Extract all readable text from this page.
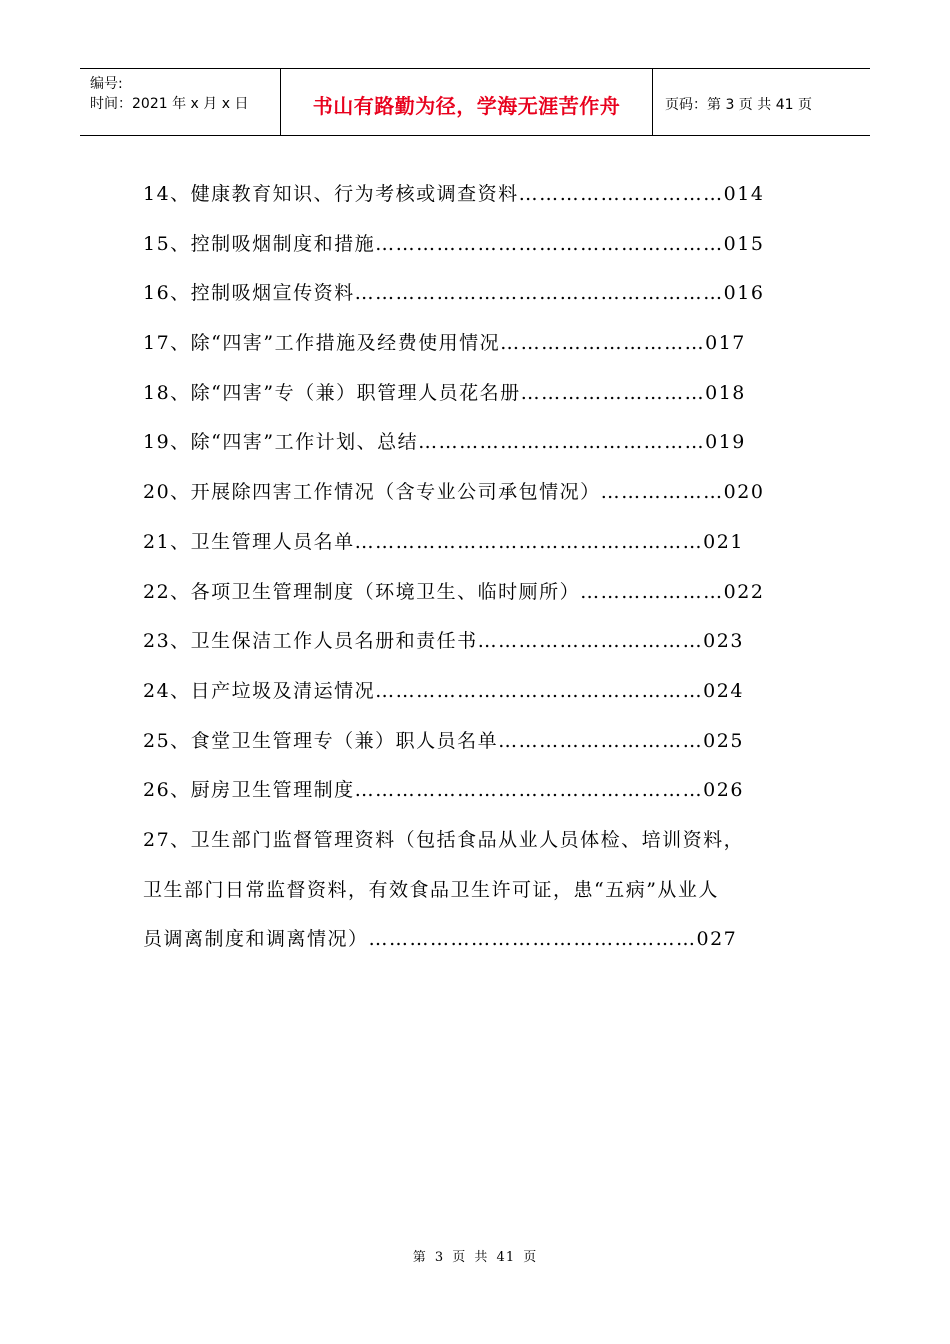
编号:
时间：2021 年 x 月 x 日	书山有路勤为径，学海无涯苦作舟	页码：第 3 页 共 41 页
14、健康教育知识、行为考核或调查资料…………………………014
15、控制吸烟制度和措施……………………………………………015
16、控制吸烟宣传资料………………………………………………016
17、除“四害”工作措施及经费使用情况…………………………017
18、除“四害”专（兼）职管理人员花名册………………………018
19、除“四害”工作计划、总结……………………………………019
20、开展除四害工作情况（含专业公司承包情况）………………020
21、卫生管理人员名单……………………………………………021
22、各项卫生管理制度（环境卫生、临时厕所）…………………022
23、卫生保洁工作人员名册和责任书……………………………023
24、日产垃圾及清运情况…………………………………………024
25、食堂卫生管理专（兼）职人员名单…………………………025
26、厨房卫生管理制度……………………………………………026
27、卫生部门监督管理资料（包括食品从业人员体检、培训资料，
卫生部门日常监督资料，有效食品卫生许可证，患“五病”从业人
员调离制度和调离情况）…………………………………………027
第 3 页 共 41 页
